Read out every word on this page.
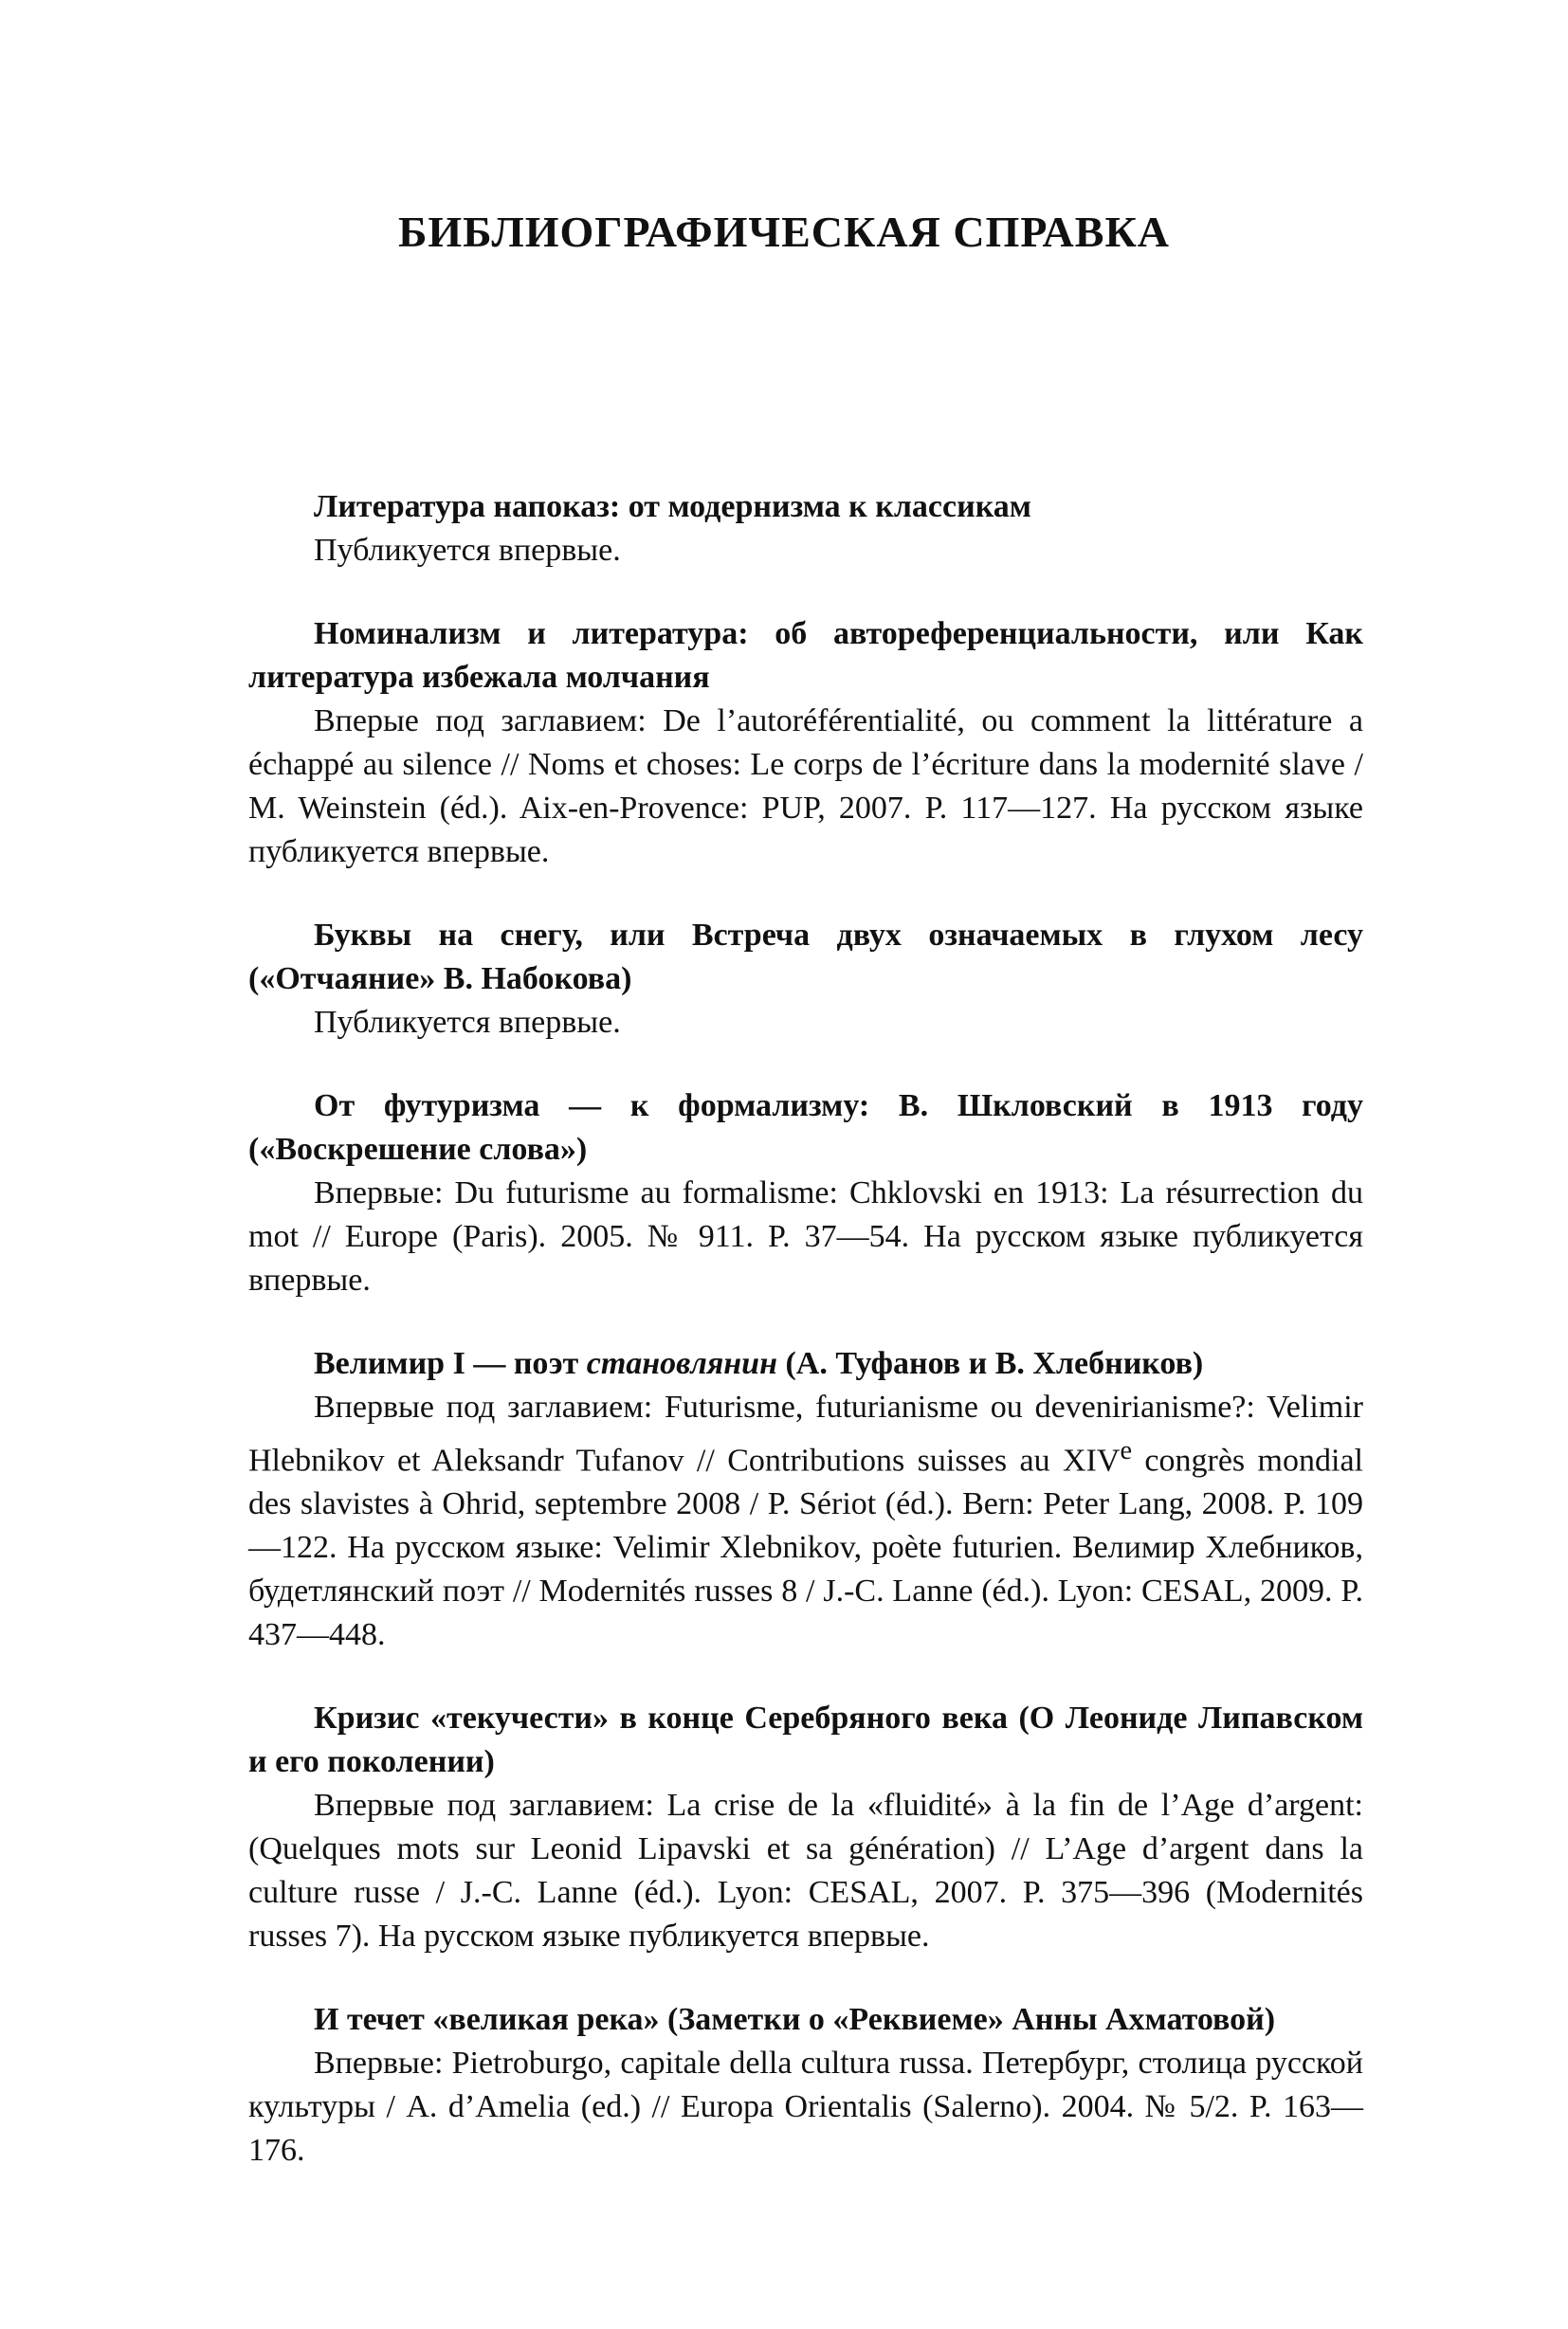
БИБЛИОГРАФИЧЕСКАЯ СПРАВКА

Литература напоказ: от модернизма к классикам

Публикуется впервые.

Номинализм и литература: об автореференциальности, или Как литература избежала молчания

Вперые под заглавием: De l’autoréférentialité, ou comment la littérature a échappé au silence // Noms et choses: Le corps de l’écriture dans la modernité slave / M. Weinstein (éd.). Aix-en-Provence: PUP, 2007. P. 117—127. На русском языке публикуется впервые.

Буквы на снегу, или Встреча двух означаемых в глухом лесу («Отчаяние» В. Набокова)

Публикуется впервые.

От футуризма — к формализму: В. Шкловский в 1913 году («Воскрешение слова»)

Впервые: Du futurisme au formalisme: Chklovski en 1913: La résurrection du mot // Europe (Paris). 2005. № 911. P. 37—54. На русском языке публикуется впервые.

Велимир I — поэт становлянин (А. Туфанов и В. Хлебников)

Впервые под заглавием: Futurisme, futurianisme ou devenirianisme?: Velimir Hlebnikov et Aleksandr Tufanov // Contributions suisses au XIVe congrès mondial des slavistes à Ohrid, septembre 2008 / P. Sériot (éd.). Bern: Peter Lang, 2008. P. 109—122. На русском языке: Velimir Xlebnikov, poète futurien. Велимир Хлебников, будетлянский поэт // Modernités russes 8 / J.-C. Lanne (éd.). Lyon: CESAL, 2009. P. 437—448.

Кризис «текучести» в конце Серебряного века (О Леониде Липавском и его поколении)

Впервые под заглавием: La crise de la «fluidité» à la fin de l’Age d’argent: (Quelques mots sur Leonid Lipavski et sa génération) // L’Age d’argent dans la culture russe / J.-C. Lanne (éd.). Lyon: CESAL, 2007. P. 375—396 (Modernités russes 7). На русском языке публикуется впервые.

И течет «великая река» (Заметки о «Реквиеме» Анны Ахматовой)

Впервые: Pietroburgo, capitale della cultura russa. Петербург, столица русской культуры / A. d’Amelia (ed.) // Europa Orientalis (Salerno). 2004. № 5/2. P. 163—176.
